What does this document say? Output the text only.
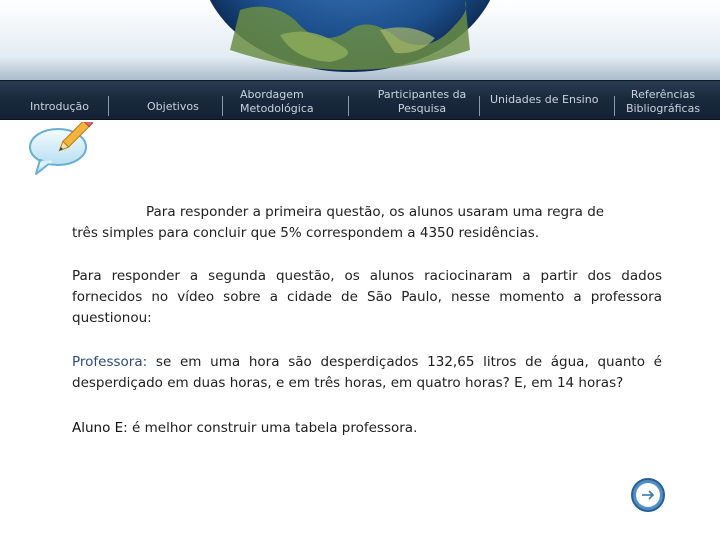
Introdução	Objetivos
Abordagem
Metodológica
Participantes da
Pesquisa
Unidades de Ensino	Referências
Bibliográficas
Para responder a primeira questão, os alunos usaram uma regra de
três simples para concluir que 5% correspondem a 4350 residências.
Para responder a segunda questão, os alunos raciocinaram a partir dos dados fornecidos no vídeo sobre a cidade de São Paulo, nesse momento a professora questionou:
Professora: se em uma hora são desperdiçados 132,65 litros de água, quanto é desperdiçado em duas horas, e em três horas, em quatro horas? E, em 14 horas?
Aluno E: é melhor construir uma tabela professora.
